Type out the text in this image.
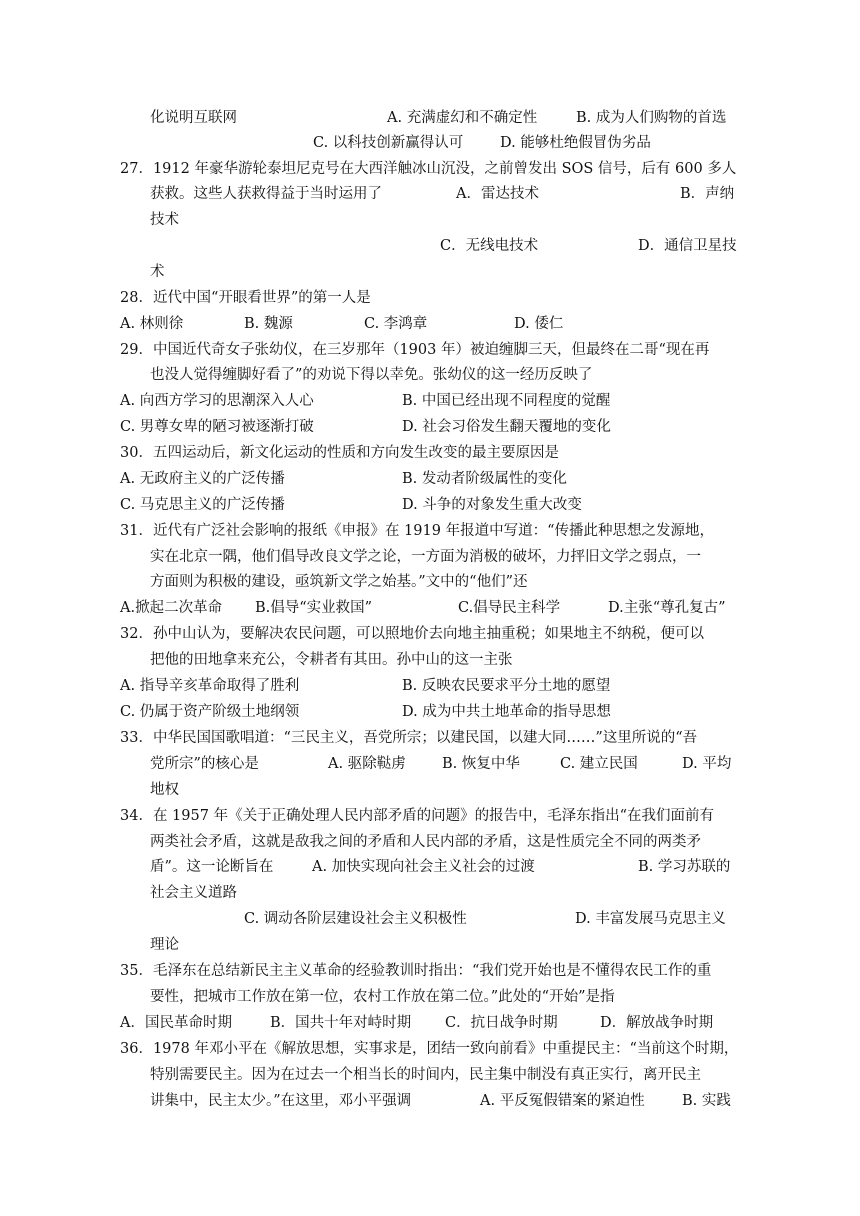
化说明互联网	A. 充满虚幻和不确定性	B. 成为人们购物的首选
C. 以科技创新赢得认可	D. 能够杜绝假冒伪劣品
27．1912 年豪华游轮泰坦尼克号在大西洋触冰山沉没，之前曾发出 SOS 信号，后有 600 多人
获救。这些人获救得益于当时运用了	A．雷达技术	B．声纳
技术
C．无线电技术	D．通信卫星技
术
28．近代中国“开眼看世界”的第一人是
A. 林则徐	B. 魏源	C. 李鸿章	D. 倭仁
29．中国近代奇女子张幼仪，在三岁那年（1903 年）被迫缠脚三天，但最终在二哥“现在再
也没人觉得缠脚好看了”的劝说下得以幸免。张幼仪的这一经历反映了
A. 向西方学习的思潮深入人心	B. 中国已经出现不同程度的觉醒
C. 男尊女卑的陋习被逐渐打破	D. 社会习俗发生翻天覆地的变化
30．五四运动后，新文化运动的性质和方向发生改变的最主要原因是
A. 无政府主义的广泛传播	B. 发动者阶级属性的变化
C. 马克思主义的广泛传播	D. 斗争的对象发生重大改变
31．近代有广泛社会影响的报纸《申报》在 1919 年报道中写道：“传播此种思想之发源地，
实在北京一隅，他们倡导改良文学之论，一方面为消极的破坏，力抨旧文学之弱点，一
方面则为积极的建设，亟筑新文学之始基。”文中的“他们”还
A.掀起二次革命 B.倡导“实业救国”	C.倡导民主科学	D.主张“尊孔复古”
32．孙中山认为，要解决农民问题，可以照地价去向地主抽重税；如果地主不纳税，便可以
把他的田地拿来充公，令耕者有其田。孙中山的这一主张
A. 指导辛亥革命取得了胜利	B. 反映农民要求平分土地的愿望
C. 仍属于资产阶级土地纲领	D. 成为中共土地革命的指导思想
33．中华民国国歌唱道：“三民主义，吾党所宗；以建民国，以建大同……”这里所说的“吾
党所宗”的核心是	A. 驱除鞑虏	B. 恢复中华	C. 建立民国	D. 平均
地权
34．在 1957 年《关于正确处理人民内部矛盾的问题》的报告中，毛泽东指出“在我们面前有
两类社会矛盾，这就是敌我之间的矛盾和人民内部的矛盾，这是性质完全不同的两类矛
盾”。这一论断旨在	A. 加快实现向社会主义社会的过渡	B. 学习苏联的
社会主义道路
C. 调动各阶层建设社会主义积极性	D. 丰富发展马克思主义
理论
35．毛泽东在总结新民主主义革命的经验教训时指出：“我们党开始也是不懂得农民工作的重
要性，把城市工作放在第一位，农村工作放在第二位。”此处的“开始”是指
A．国民革命时期	B．国共十年对峙时期 C．抗日战争时期	D．解放战争时期
36．1978 年邓小平在《解放思想，实事求是，团结一致向前看》中重提民主：“当前这个时期，
特别需要民主。因为在过去一个相当长的时间内，民主集中制没有真正实行，离开民主
讲集中，民主太少。”在这里，邓小平强调	A. 平反冤假错案的紧迫性	B. 实践
